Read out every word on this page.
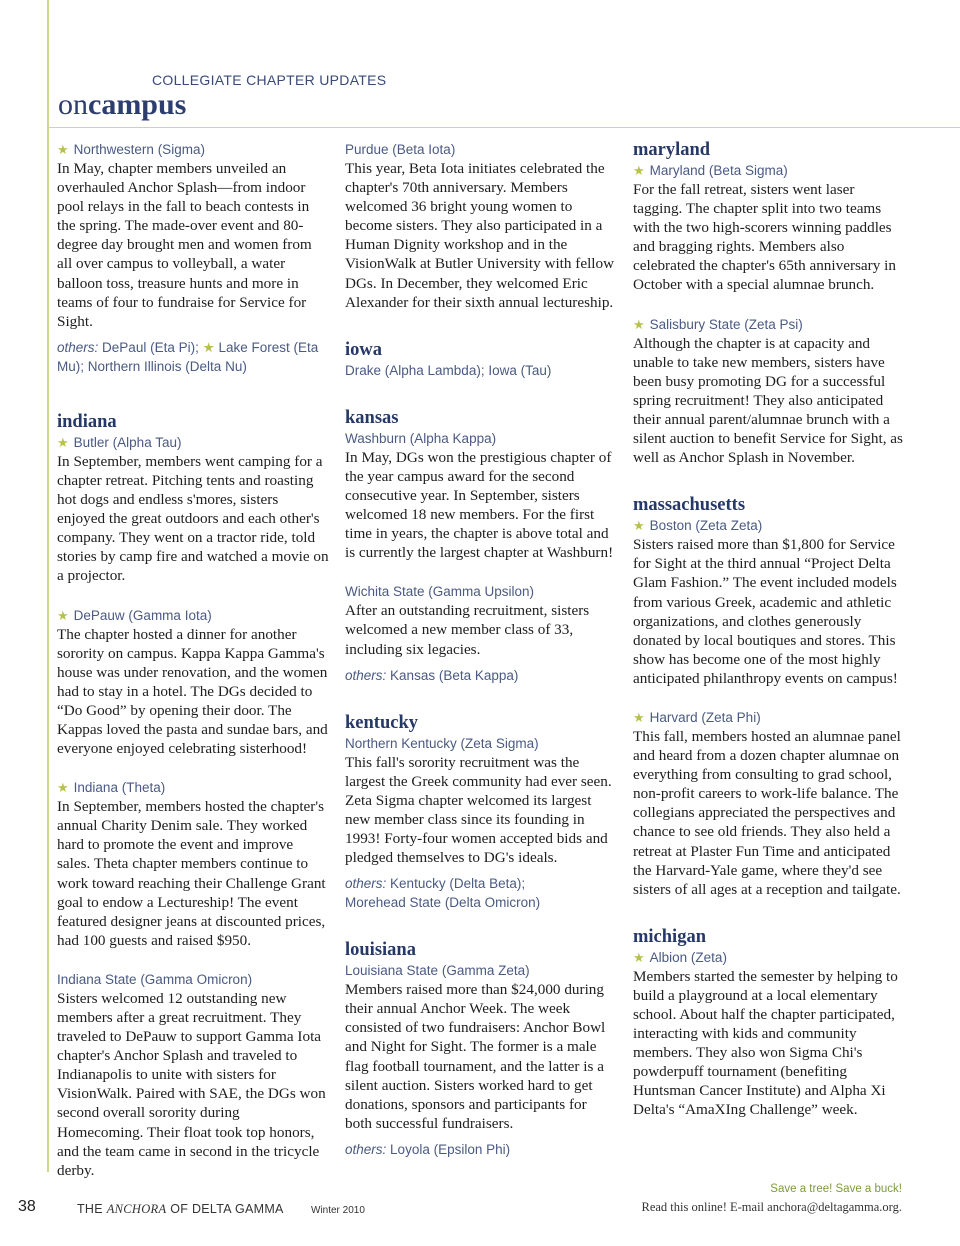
COLLEGIATE CHAPTER UPDATES
oncampus
★ Northwestern (Sigma)

In May, chapter members unveiled an overhauled Anchor Splash—from indoor pool relays in the fall to beach contests in the spring. The made-over event and 80-degree day brought men and women from all over campus to volleyball, a water balloon toss, treasure hunts and more in teams of four to fundraise for Service for Sight.

others: DePaul (Eta Pi); ★ Lake Forest (Eta Mu); Northern Illinois (Delta Nu)
indiana
★ Butler (Alpha Tau)

In September, members went camping for a chapter retreat. Pitching tents and roasting hot dogs and endless s'mores, sisters enjoyed the great outdoors and each other's company. They went on a tractor ride, told stories by camp fire and watched a movie on a projector.

★ DePauw (Gamma Iota)

The chapter hosted a dinner for another sorority on campus. Kappa Kappa Gamma's house was under renovation, and the women had to stay in a hotel. The DGs decided to “Do Good” by opening their door. The Kappas loved the pasta and sundae bars, and everyone enjoyed celebrating sisterhood!

★ Indiana (Theta)

In September, members hosted the chapter's annual Charity Denim sale. They worked hard to promote the event and improve sales. Theta chapter members continue to work toward reaching their Challenge Grant goal to endow a Lectureship! The event featured designer jeans at discounted prices, had 100 guests and raised $950.

Indiana State (Gamma Omicron)

Sisters welcomed 12 outstanding new members after a great recruitment. They traveled to DePauw to support Gamma Iota chapter's Anchor Splash and traveled to Indianapolis to unite with sisters for VisionWalk. Paired with SAE, the DGs won second overall sorority during Homecoming. Their float took top honors, and the team came in second in the tricycle derby.

Purdue (Beta Iota)

This year, Beta Iota initiates celebrated the chapter's 70th anniversary. Members welcomed 36 bright young women to become sisters. They also participated in a Human Dignity workshop and in the VisionWalk at Butler University with fellow DGs. In December, they welcomed Eric Alexander for their sixth annual lectureship.

iowa
Drake (Alpha Lambda); Iowa (Tau)
kansas
Washburn (Alpha Kappa)

In May, DGs won the prestigious chapter of the year campus award for the second consecutive year. In September, sisters welcomed 18 new members. For the first time in years, the chapter is above total and is currently the largest chapter at Washburn!

Wichita State (Gamma Upsilon)

After an outstanding recruitment, sisters welcomed a new member class of 33, including six legacies.

others: Kansas (Beta Kappa)
kentucky
Northern Kentucky (Zeta Sigma)

This fall's sorority recruitment was the largest the Greek community had ever seen. Zeta Sigma chapter welcomed its largest new member class since its founding in 1993! Forty-four women accepted bids and pledged themselves to DG's ideals.

others: Kentucky (Delta Beta);
Morehead State (Delta Omicron)
louisiana
Louisiana State (Gamma Zeta)

Members raised more than $24,000 during their annual Anchor Week. The week consisted of two fundraisers: Anchor Bowl and Night for Sight. The former is a male flag football tournament, and the latter is a silent auction. Sisters worked hard to get donations, sponsors and participants for both successful fundraisers.

others: Loyola (Epsilon Phi)
maryland
★ Maryland (Beta Sigma)

For the fall retreat, sisters went laser tagging. The chapter split into two teams with the two high-scorers winning paddles and bragging rights. Members also celebrated the chapter's 65th anniversary in October with a special alumnae brunch.

★ Salisbury State (Zeta Psi)

Although the chapter is at capacity and unable to take new members, sisters have been busy promoting DG for a successful spring recruitment! They also anticipated their annual parent/alumnae brunch with a silent auction to benefit Service for Sight, as well as Anchor Splash in November.

massachusetts
★ Boston (Zeta Zeta)

Sisters raised more than $1,800 for Service for Sight at the third annual “Project Delta Glam Fashion.” The event included models from various Greek, academic and athletic organizations, and clothes generously donated by local boutiques and stores. This show has become one of the most highly anticipated philanthropy events on campus!

★ Harvard (Zeta Phi)

This fall, members hosted an alumnae panel and heard from a dozen chapter alumnae on everything from consulting to grad school, non-profit careers to work-life balance. The collegians appreciated the perspectives and chance to see old friends. They also held a retreat at Plaster Fun Time and anticipated the Harvard-Yale game, where they'd see sisters of all ages at a reception and tailgate.

michigan
★ Albion (Zeta)

Members started the semester by helping to build a playground at a local elementary school. About half the chapter participated, interacting with kids and community members. They also won Sigma Chi's powderpuff tournament (benefiting Huntsman Cancer Institute) and Alpha Xi Delta's “AmaXIng Challenge” week.

38	THE ANCHORA OF DELTA GAMMA	Winter 2010
Save a tree! Save a buck!
Read this online! E-mail anchora@deltagamma.org.
